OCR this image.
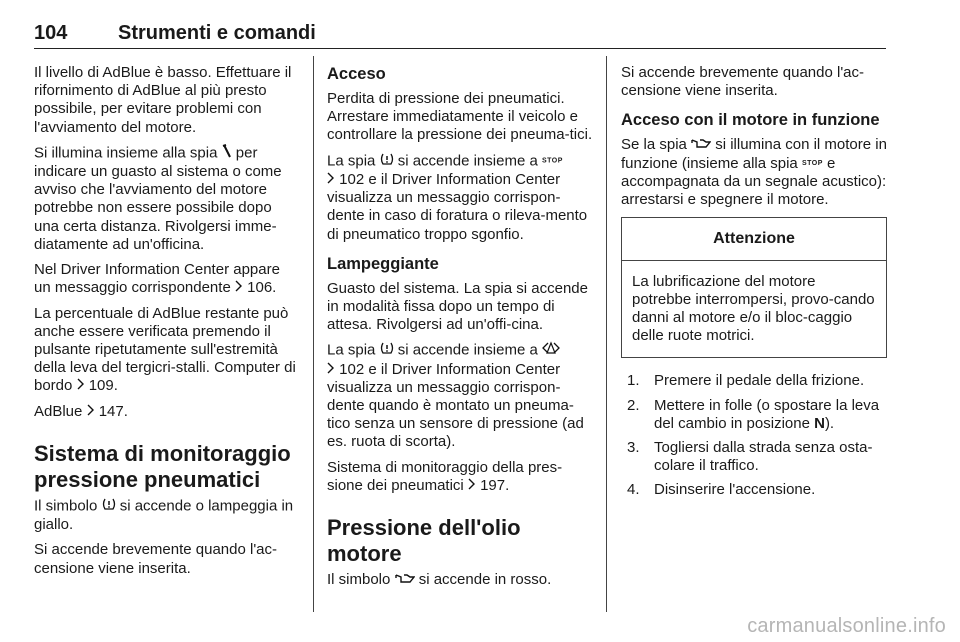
104	Strumenti e comandi

Il livello di AdBlue è basso. Effettuare il rifornimento di AdBlue al più presto possibile, per evitare problemi con l'avviamento del motore.

Si illumina insieme alla spia  per indicare un guasto al sistema o come avviso che l'avviamento del motore potrebbe non essere possibile dopo una certa distanza. Rivolgersi imme-diatamente ad un'officina.

Nel Driver Information Center appare un messaggio corrispondente  106.

La percentuale di AdBlue restante può anche essere verificata premendo il pulsante ripetutamente sull'estremità della leva del tergicri-stalli. Computer di bordo  109.

AdBlue  147.

Sistema di monitoraggio pressione pneumatici

Il simbolo  si accende o lampeggia in giallo.

Si accende brevemente quando l'ac-censione viene inserita.

Acceso

Perdita di pressione dei pneumatici. Arrestare immediatamente il veicolo e controllare la pressione dei pneuma-tici.

La spia  si accende insieme a STOP
102 e il Driver Information Center visualizza un messaggio corrispon-dente in caso di foratura o rileva-mento di pneumatico troppo sgonfio.

Lampeggiante

Guasto del sistema. La spia si accende in modalità fissa dopo un tempo di attesa. Rivolgersi ad un'offi-cina.

La spia  si accende insieme a
102 e il Driver Information Center visualizza un messaggio corrispon-dente quando è montato un pneuma-tico senza un sensore di pressione (ad es. ruota di scorta).

Sistema di monitoraggio della pres-sione dei pneumatici  197.

Pressione dell'olio motore

Il simbolo  si accende in rosso.

Si accende brevemente quando l'ac-censione viene inserita.

Acceso con il motore in funzione

Se la spia  si illumina con il motore in funzione (insieme alla spia STOP e accompagnata da un segnale acustico): arrestarsi e spegnere il motore.

Attenzione
La lubrificazione del motore potrebbe interrompersi, provo-cando danni al motore e/o il bloc-caggio delle ruote motrici.
1. Premere il pedale della frizione.
2. Mettere in folle (o spostare la leva del cambio in posizione N).
3. Togliersi dalla strada senza osta-colare il traffico.
4. Disinserire l'accensione.
carmanualsonline.info
